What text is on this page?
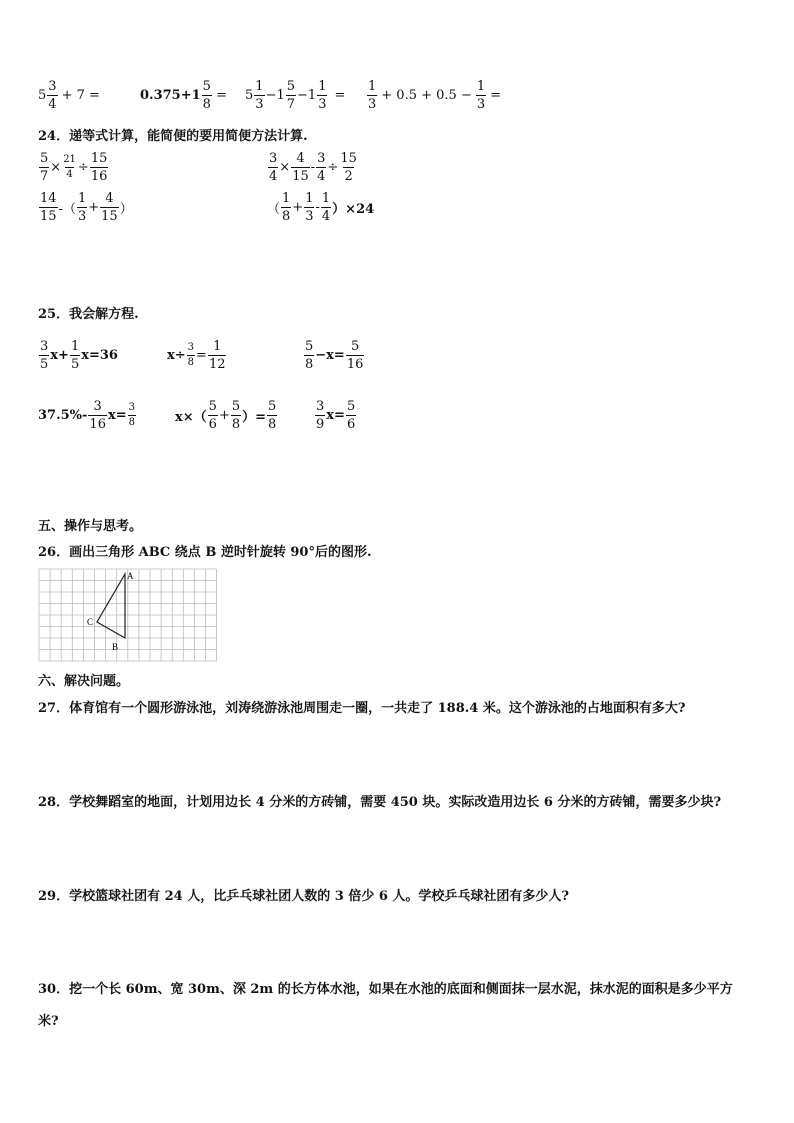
$5 \frac{3}{4} + 7$ =	$0.375+1 \frac{5}{8} = 5 \frac{1}{3} -1 \frac{5}{7} -1 \frac{1}{3} = \frac{1}{3} + 0.5 + 0.5 - \frac{1}{3}$ =
24．递等式计算，能简便的要用简便方法计算.
$\frac{5}{7} \times \frac{21}{4} \div \frac{15}{16}$	$\frac{3}{4} \times \frac{4}{15} - \frac{3}{4} \div \frac{15}{2}$
$\frac{14}{15}$ -（ $\frac{1}{3} + \frac{4}{15}$ ）	（ $\frac{1}{8} + \frac{1}{3} - \frac{1}{4} )\times 24$
25．我会解方程.
$\frac{3}{5} x+ \frac{1}{5} x=36$	$x\div \frac{3}{8} = \frac{1}{12}$	$\frac{5}{8} -x= \frac{5}{16}$
$37.5\%- \frac{3}{16} x= \frac{3}{8}$	$x\times( \frac{5}{6} + \frac{5}{8}$ ）= $\frac{5}{8}$	$\frac{3}{9} x= \frac{5}{6}$
五、操作与思考。
26．画出三角形 ABC 绕点 B 逆时针旋转 90°后的图形.
A
B
C
六、解决问题。
27．体育馆有一个圆形游泳池，刘涛绕游泳池周围走一圈，一共走了 188.4 米。这个游泳池的占地面积有多大?
28．学校舞蹈室的地面，计划用边长 4 分米的方砖铺，需要 450 块。实际改造用边长 6 分米的方砖铺，需要多少块?
29．学校篮球社团有 24 人，比乒乓球社团人数的 3 倍少 6 人。学校乒乓球社团有多少人?
30．挖一个长 60m、宽 30m、深 2m 的长方体水池，如果在水池的底面和侧面抹一层水泥，抹水泥的面积是多少平方
米?
